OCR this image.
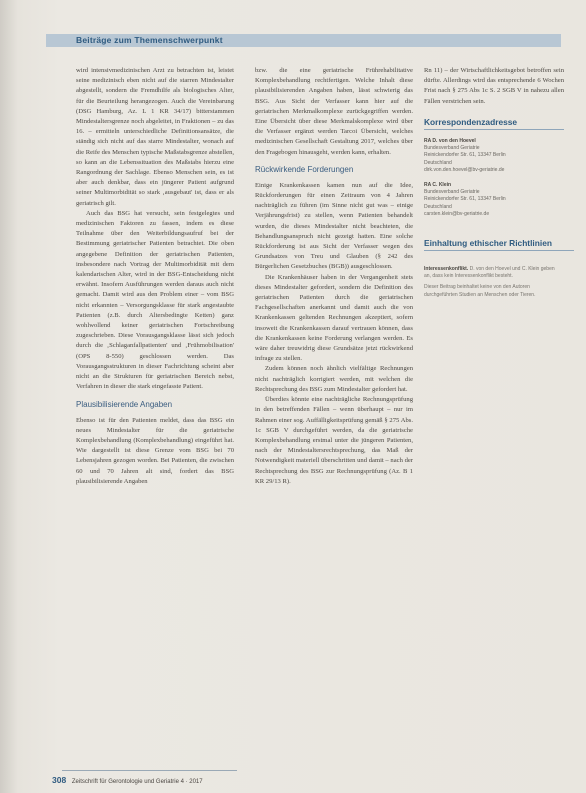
Beiträge zum Themenschwerpunkt

wird intensivmedizinischen Arzt zu betrachten ist, leistet seine medizinisch eben nicht auf die starren Mindestalter abgestellt, sondern die Fremdhilfe als biologisches Alter, für die Beurteilung herangezogen. Auch die Vereinbarung (DSG Hamburg, Az. L 1 KR 34/17) bitterstammen Mindestaltersgrenze noch abgeleitet, in Fraktionen – zu das 16. – ermitteln unterschiedliche Definitionsansätze, die ständig sich nicht auf das starre Mindestalter, wonach auf die Reife des Menschen typische Maßstabsgrenze abstellen, so kann an die Lebenssituation des Maßstabs hierzu eine Rangordnung der Sachlage. Ebenso Menschen sein, es ist aber auch denkbar, dass ein jüngerer Patient aufgrund seiner Multimorbidität so stark ‚ausgebaut' ist, dass er als geriatrisch gilt.

Auch das BSG hat versucht, sein festgelegtes und medizinischen Faktoren zu fassen, indem es diese Teilnahme über den Weiterbildungsaufruf bei der Bestimmung geriatrischer Patienten betrachtet. Die oben angegebene Definition der geriatrischen Patienten, insbesondere nach Vortrag der Multimorbidität mit dem kalendarischen Alter, wird in der BSG-Entscheidung nicht erwähnt. Insofern Ausführungen werden daraus auch nicht gemacht. Damit wird aus den Problem einer – vom BSG nicht erkannten – Versorgungsklasse für stark angestaubte Patienten (z.B. durch Altersbedingte Ketten) ganz wohlwollend keiner geriatrischen Fortschreibung zugeschrieben. Diese Vorausgangsklasse lässt sich jedoch durch die ‚Schlaganfallpatienten' und ‚Frühmobilisation' (OPS 8-550) geschlossen werden. Das Vorausgangsstrukturen in dieser Fachrichtung scheint aber nicht an die Strukturen für geriatrischen Bereich nebst, Verfahren in dieser die stark eingefasste Patient.

Plausibilisierende Angaben

Ebenso ist für den Patienten meldet, dass das BSG ein neues Mindestalter für die geriatrische Komplexbehandlung (Komplexbehandlung) eingeführt hat. Wie dargestellt ist diese Grenze vom BSG bei 70 Lebensjahren gezogen worden. Bei Patienten, die zwischen 60 und 70 Jahren alt sind, fordert das BSG plausibilisierende Angaben

bzw. die eine geriatrische Frührehabilitative Komplexbehandlung rechtfertigen. Welche Inhalt diese plausibilisierenden Angaben haben, lässt schwierig das BSG. Aus Sicht der Verfasser kann hier auf die geriatrischen Merkmalkomplexe zurückgegriffen werden. Eine Übersicht über diese Merkmalskomplexe wird über die Verfasser ergänzt werden Tarcoi Übersicht, welches medizinischen Gesellschaft Gestaltung 2017, welches über den Fragebogen hinausgeht, werden kann, erhalten.

Rückwirkende Forderungen

Einige Krankenkassen kamen nun auf die Idee, Rückforderungen für einen Zeitraum von 4 Jahren nachträglich zu führen (im Sinne nicht gut was – einige Verjährungsfrist) zu stellen, wenn Patienten behandelt wurden, die dieses Mindestalter nicht beachteten, die Behandlungsanspruch nicht gezeigt hatten. Eine solche Rückforderung ist aus Sicht der Verfasser wegen des Grundsatzes von Treu und Glauben (§ 242 des Bürgerlichen Gesetzbuches (BGB)) ausgeschlossen.

Die Krankenhäuser haben in der Vergangenheit stets dieses Mindestalter gefordert, sondern die Definition des geriatrischen Patienten durch die geriatrischen Fachgesellschaften anerkannt und damit auch die von Krankenkassen geltenden Rechnungen akzeptiert, sofern insoweit die Krankenkassen darauf vertrauen können, dass die Krankenkassen keine Forderung verlangen werden. Es wäre daher treuwidrig diese Grundsätze jetzt rückwirkend infrage zu stellen.

Zudem können noch ähnlich vielfältige Rechnungen nicht nachträglich korrigiert werden, mit welchen die Rechtsprechung des BSG zum Mindestalter gefordert hat.

Überdies könnte eine nachträgliche Rechnungsprüfung in den betreffenden Fällen – wenn überhaupt – nur im Rahmen einer sog. Auffälligkeitsprüfung gemäß § 275 Abs. 1c SGB V durchgeführt werden, da die geriatrische Komplexbehandlung erstmal unter die jüngeren Patienten, nach der Mindestaltersrechtsprechung, das Maß der Notwendigkeit materiell überschritten und damit – nach der Rechtsprechung des BSG zur Rechnungsprüfung (Az. B 1 KR 29/13 R).

Rn 11) – der Wirtschaftlichkeitsgebot betroffen sein dürfte. Allerdings wird das entsprechende 6 Wochen Frist nach § 275 Abs 1c S. 2 SGB V in nahezu allen Fällen verstrichen sein.

Korrespondenzadresse
RA D. von den Hoevel
Bundesverband Geriatrie
Reinickendorfer Str. 61, 13347 Berlin
Deutschland
dirk.von.den.hoevel@bv-geriatrie.de
RA C. Klein
Bundesverband Geriatrie
Reinickendorfer Str. 61, 13347 Berlin
Deutschland
carsten.klein@bv-geriatrie.de
Einhaltung ethischer Richtlinien

Interessenkonflikt. D. von den Hoevel und C. Klein geben an, dass kein Interessenkonflikt besteht.

Dieser Beitrag beinhaltet keine von den Autoren durchgeführten Studien an Menschen oder Tieren.

308 Zeitschrift für Gerontologie und Geriatrie 4 · 2017
